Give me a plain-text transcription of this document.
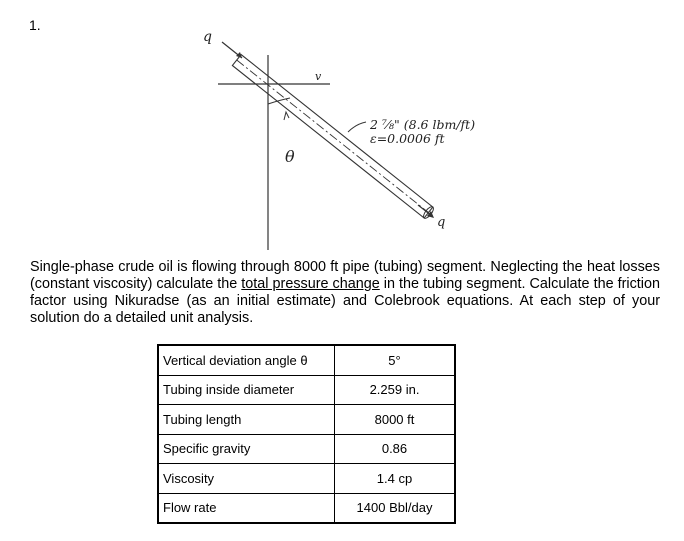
1.
q
v
θ
2 ⁷⁄₈" (8.6 lbm/ft)
ε=0.0006 ft
q

Single-phase crude oil is flowing through 8000 ft pipe (tubing) segment. Neglecting the heat losses (constant viscosity) calculate the total pressure change in the tubing segment. Calculate the friction factor using Nikuradse (as an initial estimate) and Colebrook equations. At each step of your solution do a detailed unit analysis.

Vertical deviation angle θ	5°
Tubing inside diameter	2.259 in.
Tubing length	8000 ft
Specific gravity	0.86
Viscosity	1.4 cp
Flow rate	1400 Bbl/day
